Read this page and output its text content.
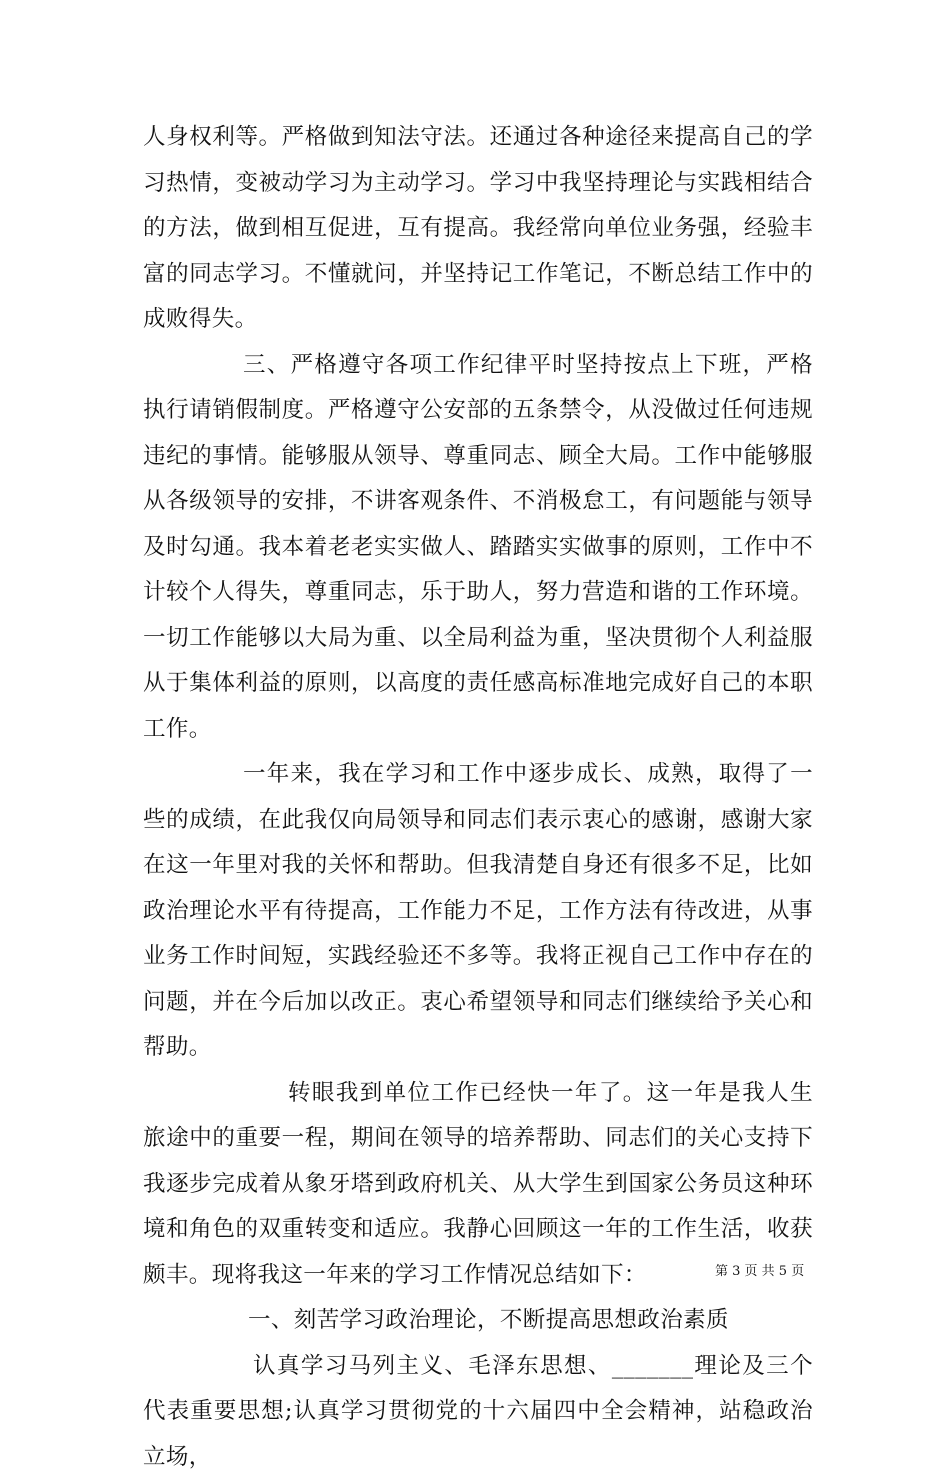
人身权利等。严格做到知法守法。还通过各种途径来提高自己的学习热情，变被动学习为主动学习。学习中我坚持理论与实践相结合的方法，做到相互促进，互有提高。我经常向单位业务强，经验丰富的同志学习。不懂就问，并坚持记工作笔记，不断总结工作中的成败得失。

三、严格遵守各项工作纪律平时坚持按点上下班，严格执行请销假制度。严格遵守公安部的五条禁令，从没做过任何违规违纪的事情。能够服从领导、尊重同志、顾全大局。工作中能够服从各级领导的安排，不讲客观条件、不消极怠工，有问题能与领导及时勾通。我本着老老实实做人、踏踏实实做事的原则，工作中不计较个人得失，尊重同志，乐于助人，努力营造和谐的工作环境。一切工作能够以大局为重、以全局利益为重，坚决贯彻个人利益服从于集体利益的原则，以高度的责任感高标准地完成好自己的本职工作。

一年来，我在学习和工作中逐步成长、成熟，取得了一些的成绩，在此我仅向局领导和同志们表示衷心的感谢，感谢大家在这一年里对我的关怀和帮助。但我清楚自身还有很多不足，比如政治理论水平有待提高，工作能力不足，工作方法有待改进，从事业务工作时间短，实践经验还不多等。我将正视自己工作中存在的问题，并在今后加以改正。衷心希望领导和同志们继续给予关心和帮助。

转眼我到单位工作已经快一年了。这一年是我人生旅途中的重要一程，期间在领导的培养帮助、同志们的关心支持下我逐步完成着从象牙塔到政府机关、从大学生到国家公务员这种环境和角色的双重转变和适应。我静心回顾这一年的工作生活，收获颇丰。现将我这一年来的学习工作情况总结如下：

一、刻苦学习政治理论，不断提高思想政治素质

认真学习马列主义、毛泽东思想、_______理论及三个代表重要思想;认真学习贯彻党的十六届四中全会精神，站稳政治立场，

第 3 页 共 5 页
